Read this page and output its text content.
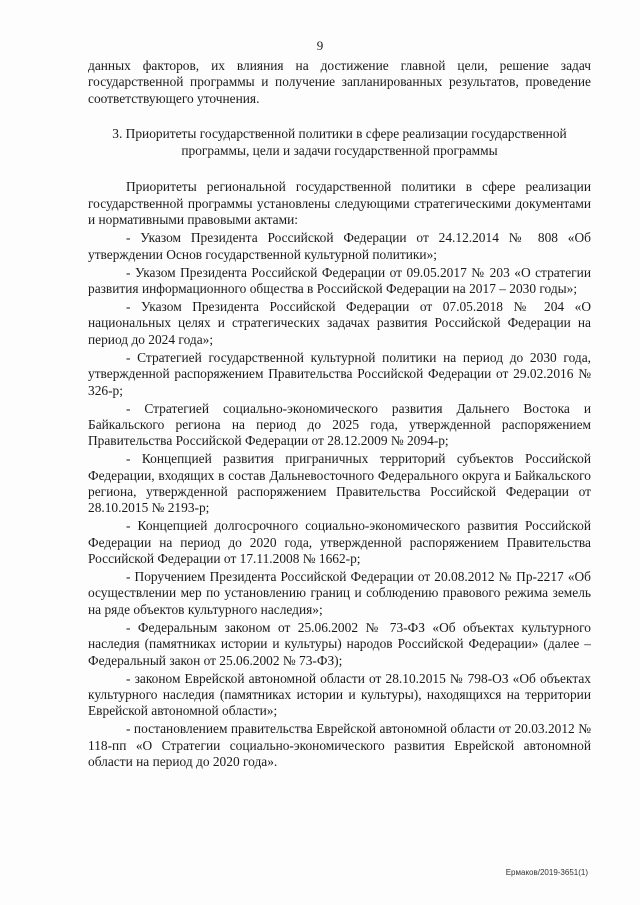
9

данных факторов, их влияния на достижение главной цели, решение задач государственной программы и получение запланированных результатов, проведение соответствующего уточнения.

3. Приоритеты государственной политики в сфере реализации государственной программы, цели и задачи государственной программы

Приоритеты региональной государственной политики в сфере реализации государственной программы установлены следующими стратегическими документами и нормативными правовыми актами:

- Указом Президента Российской Федерации от 24.12.2014 № 808 «Об утверждении Основ государственной культурной политики»;

- Указом Президента Российской Федерации от 09.05.2017 № 203 «О стратегии развития информационного общества в Российской Федерации на 2017 – 2030 годы»;

- Указом Президента Российской Федерации от 07.05.2018 № 204 «О национальных целях и стратегических задачах развития Российской Федерации на период до 2024 года»;

- Стратегией государственной культурной политики на период до 2030 года, утвержденной распоряжением Правительства Российской Федерации от 29.02.2016 № 326-р;

- Стратегией социально-экономического развития Дальнего Востока и Байкальского региона на период до 2025 года, утвержденной распоряжением Правительства Российской Федерации от 28.12.2009 № 2094-р;

- Концепцией развития приграничных территорий субъектов Российской Федерации, входящих в состав Дальневосточного Федерального округа и Байкальского региона, утвержденной распоряжением Правительства Российской Федерации от 28.10.2015 № 2193-р;

- Концепцией долгосрочного социально-экономического развития Российской Федерации на период до 2020 года, утвержденной распоряжением Правительства Российской Федерации от 17.11.2008 № 1662-р;

- Поручением Президента Российской Федерации от 20.08.2012 № Пр-2217 «Об осуществлении мер по установлению границ и соблюдению правового режима земель на ряде объектов культурного наследия»;

- Федеральным законом от 25.06.2002 № 73-ФЗ «Об объектах культурного наследия (памятниках истории и культуры) народов Российской Федерации» (далее – Федеральный закон от 25.06.2002 № 73-ФЗ);

- законом Еврейской автономной области от 28.10.2015 № 798-ОЗ «Об объектах культурного наследия (памятниках истории и культуры), находящихся на территории Еврейской автономной области»;

- постановлением правительства Еврейской автономной области от 20.03.2012 № 118-пп «О Стратегии социально-экономического развития Еврейской автономной области на период до 2020 года».

Ермаков/2019-3651(1)
